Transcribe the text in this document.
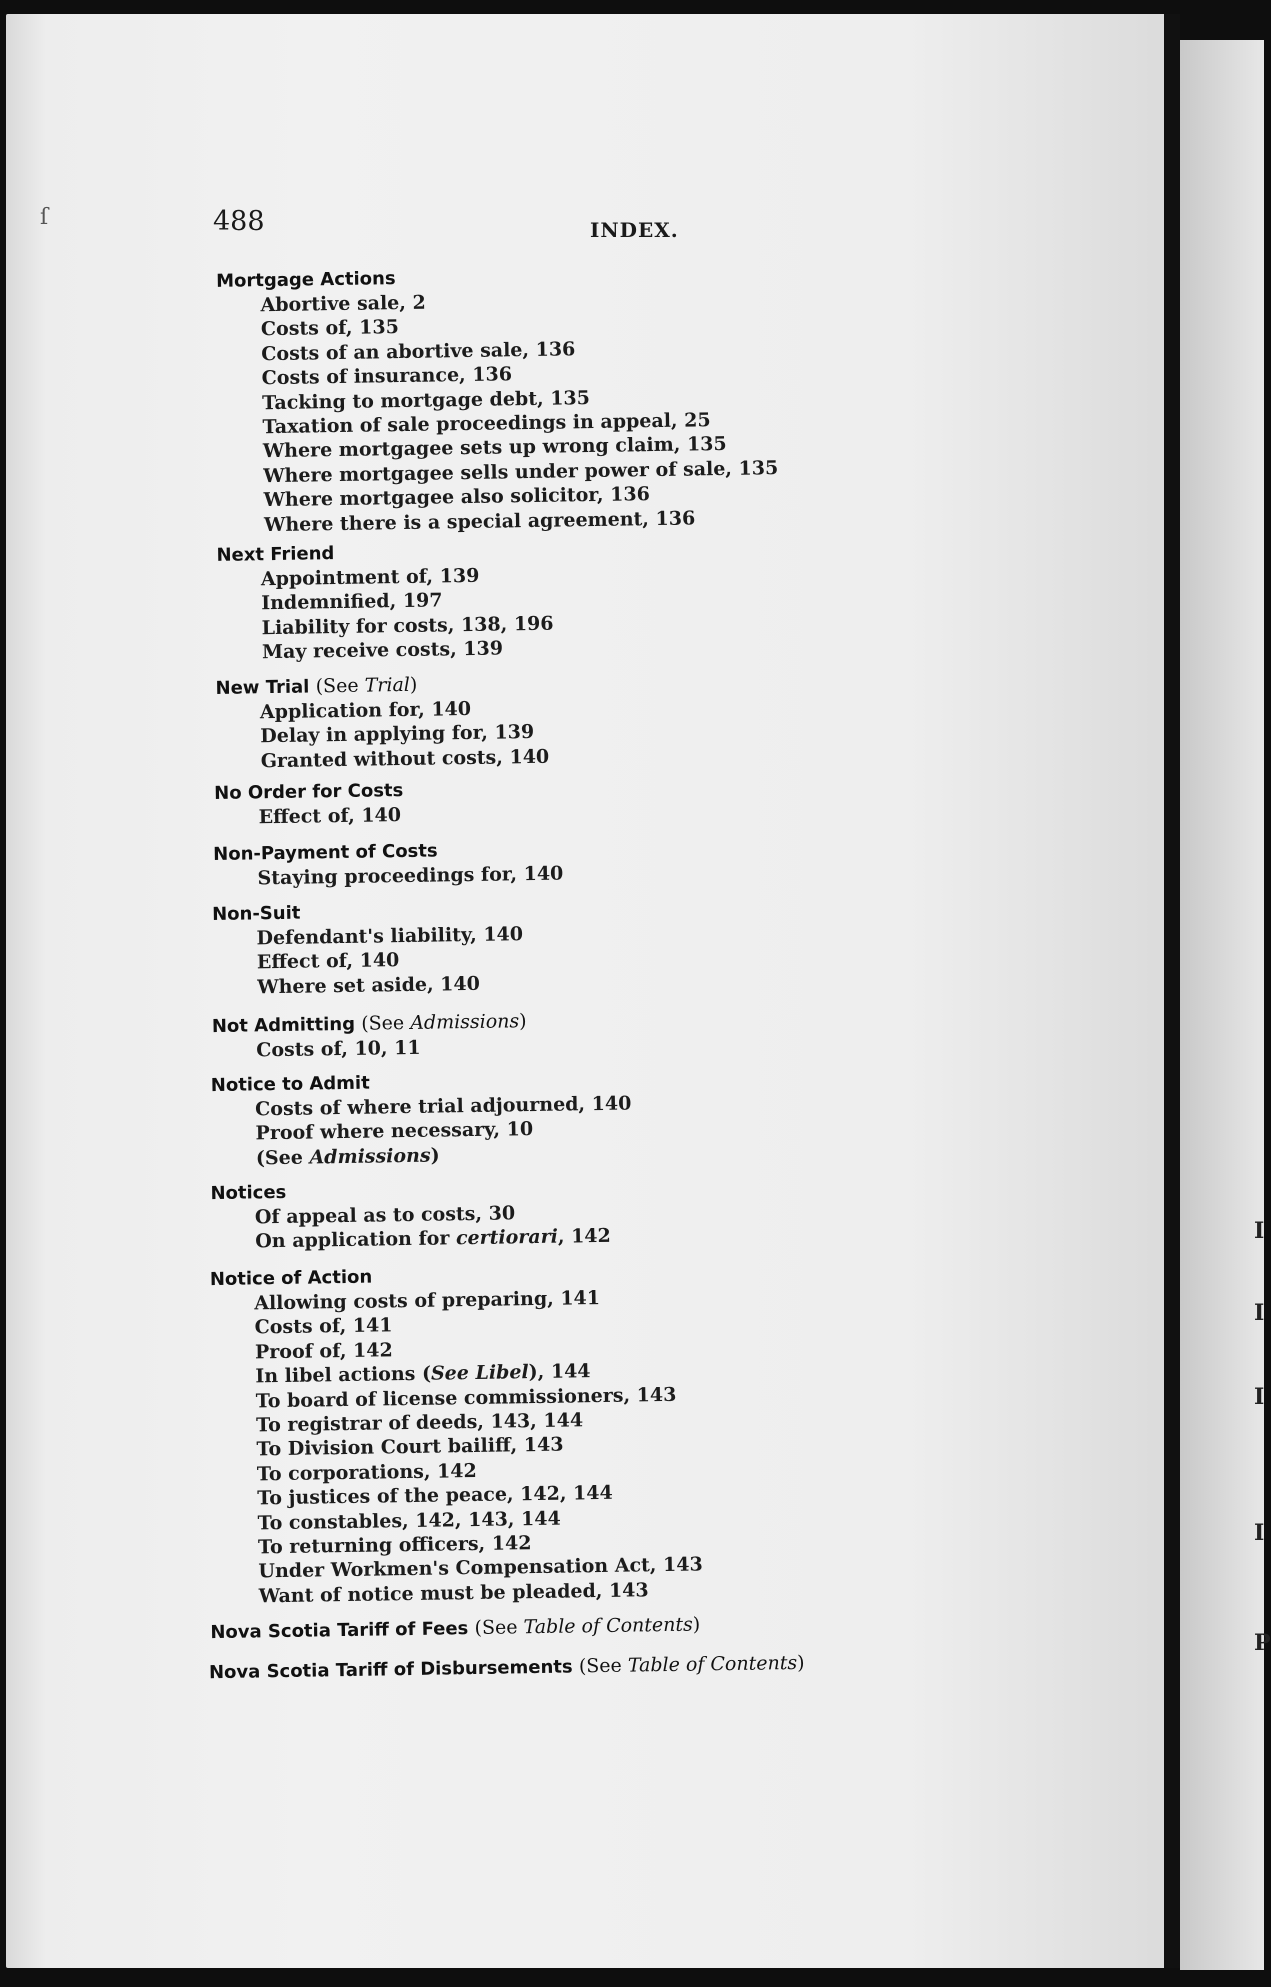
I
I
I
I
P
ſ	488	INDEX.
Mortgage Actions
Abortive sale, 2
Costs of, 135
Costs of an abortive sale, 136
Costs of insurance, 136
Tacking to mortgage debt, 135
Taxation of sale proceedings in appeal, 25
Where mortgagee sets up wrong claim, 135
Where mortgagee sells under power of sale, 135
Where mortgagee also solicitor, 136
Where there is a special agreement, 136
Next Friend
Appointment of, 139
Indemnified, 197
Liability for costs, 138, 196
May receive costs, 139
New Trial (See Trial)
Application for, 140
Delay in applying for, 139
Granted without costs, 140
No Order for Costs
Effect of, 140
Non-Payment of Costs
Staying proceedings for, 140
Non-Suit
Defendant's liability, 140
Effect of, 140
Where set aside, 140
Not Admitting (See Admissions)
Costs of, 10, 11
Notice to Admit
Costs of where trial adjourned, 140
Proof where necessary, 10
(See Admissions)
Notices
Of appeal as to costs, 30
On application for certiorari, 142
Notice of Action
Allowing costs of preparing, 141
Costs of, 141
Proof of, 142
In libel actions (See Libel), 144
To board of license commissioners, 143
To registrar of deeds, 143, 144
To Division Court bailiff, 143
To corporations, 142
To justices of the peace, 142, 144
To constables, 142, 143, 144
To returning officers, 142
Under Workmen's Compensation Act, 143
Want of notice must be pleaded, 143
Nova Scotia Tariff of Fees (See Table of Contents)
Nova Scotia Tariff of Disbursements (See Table of Contents)
